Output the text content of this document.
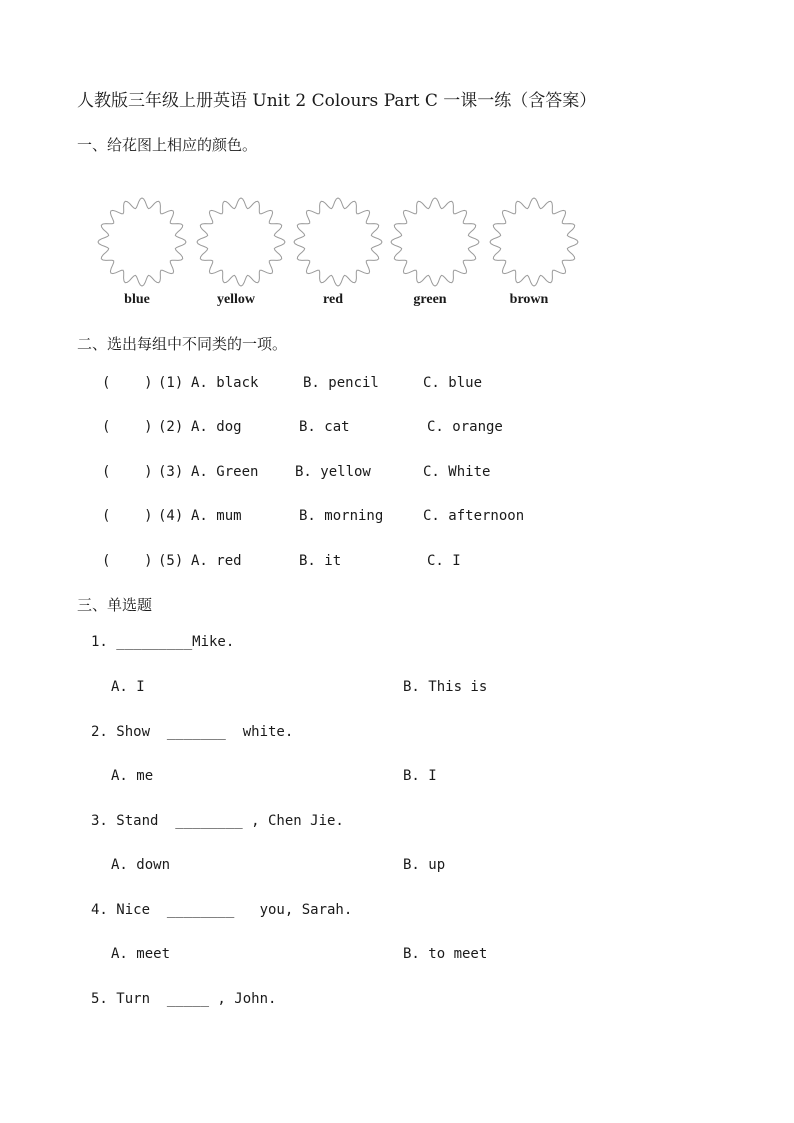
人教版三年级上册英语 Unit 2 Colours Part C 一课一练（含答案）
一、给花图上相应的颜色。
blue	yellow	red	green	brown
二、选出每组中不同类的一项。
(    ) (1) A. black	B. pencil	C. blue
(    ) (2) A. dog	B. cat	C. orange
(    ) (3) A. Green	B. yellow	C. White
(    ) (4) A. mum	B. morning	C. afternoon
(    ) (5) A. red	B. it	C. I
三、单选题
1. _________Mike.
A. I	B. This is
2. Show  _______  white.
A. me	B. I
3. Stand  ________ , Chen Jie.
A. down	B. up
4. Nice  ________   you, Sarah.
A. meet	B. to meet
5. Turn  _____ , John.
